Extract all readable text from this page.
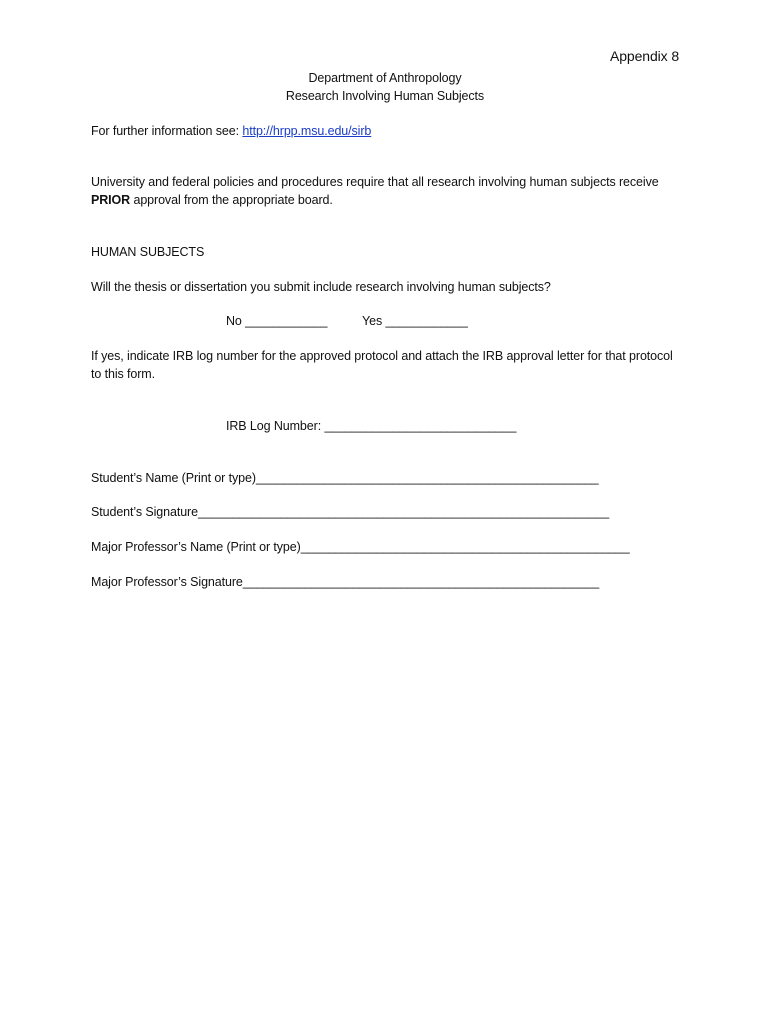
Appendix 8
Department of Anthropology
Research Involving Human Subjects
For further information see: http://hrpp.msu.edu/sirb
University and federal policies and procedures require that all research involving human subjects receive PRIOR approval from the appropriate board.
HUMAN SUBJECTS
Will the thesis or dissertation you submit include research involving human subjects?
No ____________	Yes ____________
If yes, indicate IRB log number for the approved protocol and attach the IRB approval letter for that protocol to this form.
IRB Log Number: ____________________________
Student’s Name (Print or type)__________________________________________________
Student’s Signature____________________________________________________________
Major Professor’s Name (Print or type)________________________________________________
Major Professor’s Signature____________________________________________________
